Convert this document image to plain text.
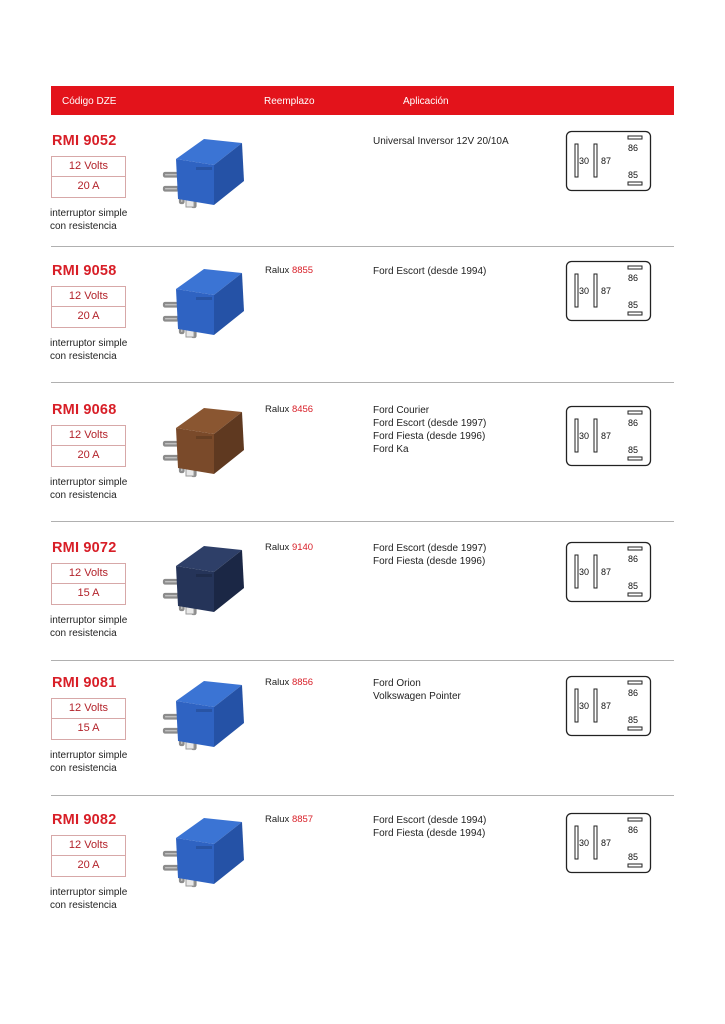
Código DZE	Reemplazo	Aplicación
RMI 9052
12 Volts
20 A
interruptor simple
con resistencia
Universal Inversor 12V 20/10A
30 87
86
85
RMI 9058
12 Volts
20 A
interruptor simple
con resistencia
Ralux 8855	Ford Escort (desde 1994)
30 87
86
85
RMI 9068
12 Volts
20 A
interruptor simple
con resistencia
Ralux 8456	Ford Courier
Ford Escort (desde 1997)
Ford Fiesta (desde 1996)
Ford Ka
30 87
86
85
RMI 9072
12 Volts
15 A
interruptor simple
con resistencia
Ralux 9140	Ford Escort (desde 1997)
Ford Fiesta (desde 1996)
30 87
86
85
RMI 9081
12 Volts
15 A
interruptor simple
con resistencia
Ralux 8856	Ford Orion
Volkswagen Pointer
30 87
86
85
RMI 9082
12 Volts
20 A
interruptor simple
con resistencia
Ralux 8857	Ford Escort (desde 1994)
Ford Fiesta (desde 1994)
30 87
86
85
